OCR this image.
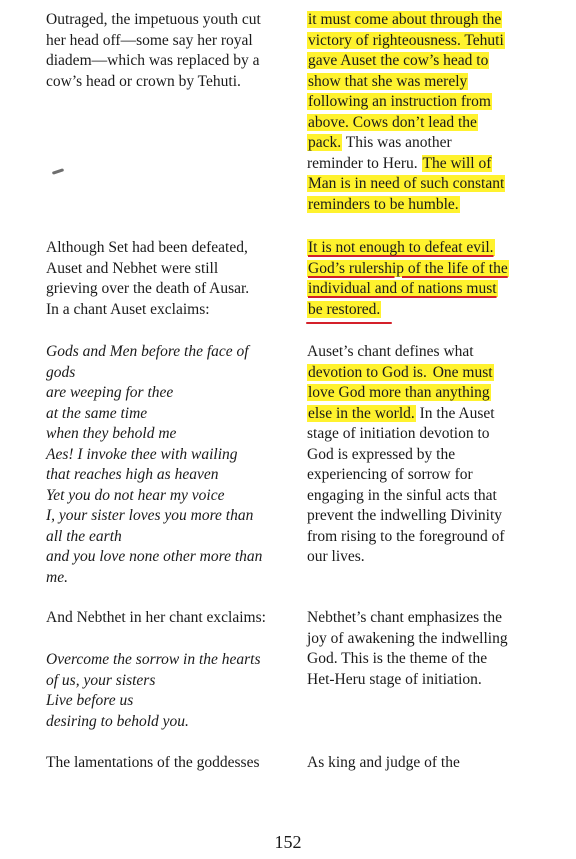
Outraged, the impetuous youth cut
her head off—some say her royal
diadem—which was replaced by a
cow’s head or crown by Tehuti.
Although Set had been defeated,
Auset and Nebhet were still
grieving over the death of Ausar.
In a chant Auset exclaims:
Gods and Men before the face of
gods
are weeping for thee
at the same time
when they behold me
Aes! I invoke thee with wailing
that reaches high as heaven
Yet you do not hear my voice
I, your sister loves you more than
all the earth
and you love none other more than
me.
And Nebthet in her chant exclaims:
Overcome the sorrow in the hearts
of us, your sisters
Live before us
desiring to behold you.
The lamentations of the goddesses
it must come about through the
victory of righteousness. Tehuti
gave Auset the cow’s head to
show that she was merely
following an instruction from
above. Cows don’t lead the
pack. This was another
reminder to Heru. The will of
Man is in need of such constant
reminders to be humble.
It is not enough to defeat evil.
God’s rulership of the life of the
individual and of nations must
be restored.
Auset’s chant defines what
devotion to God is. One must
love God more than anything
else in the world. In the Auset
stage of initiation devotion to
God is expressed by the
experiencing of sorrow for
engaging in the sinful acts that
prevent the indwelling Divinity
from rising to the foreground of
our lives.
Nebthet’s chant emphasizes the
joy of awakening the indwelling
God. This is the theme of the
Het-Heru stage of initiation.
As king and judge of the
152
